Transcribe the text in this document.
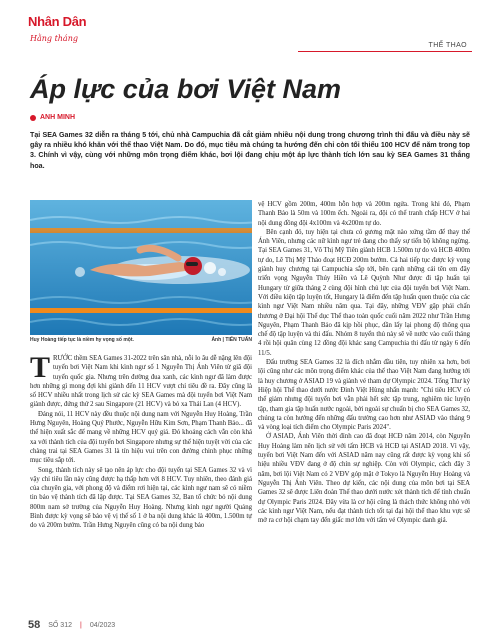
Nhân Dân
Hằng tháng
THỂ THAO
Áp lực của bơi Việt Nam
ANH MINH
Tại SEA Games 32 diễn ra tháng 5 tới, chủ nhà Campuchia đã cắt giảm nhiều nội dung trong chương trình thi đấu và điều này sẽ gây ra nhiều khó khăn với thể thao Việt Nam. Do đó, mục tiêu mà chúng ta hướng đến chỉ còn tối thiểu 100 HCV để năm trong top 3. Chính vì vậy, cùng với những môn trọng điểm khác, bơi lội đang chịu một áp lực thành tích lớn sau kỳ SEA Games 31 thắng hoa.
Huy Hoàng tiếp tục là niềm hy vọng số một.	Ảnh | TIẾN TUẤN

TRƯỚC thềm SEA Games 31-2022 trên sân nhà, nỗi lo âu dễ nặng lên đội tuyển bơi Việt Nam khi kình ngư số 1 Nguyễn Thị Ánh Viên từ giã đội tuyển quốc gia. Nhưng trên đường đua xanh, các kình ngư đã làm được hơn những gì mong đợi khi giành đến 11 HCV vượt chỉ tiêu đề ra. Đây cũng là số HCV nhiều nhất trong lịch sử các kỳ SEA Games mà đội tuyển bơi Việt Nam giành được, đứng thứ 2 sau Singapore (21 HCV) và bỏ xa Thái Lan (4 HCV).

Đáng nói, 11 HCV này đều thuộc nội dung nam với Nguyễn Huy Hoàng, Trần Hưng Nguyên, Hoàng Quý Phước, Nguyễn Hữu Kim Sơn, Phạm Thanh Bảo... đã thể hiện xuất sắc để mang về những HCV quý giá. Đó khoảng cách vẫn còn khá xa với thành tích của đội tuyển bơi Singapore nhưng sự thể hiện tuyệt vời của các chàng trai tại SEA Games 31 là tín hiệu vui trên con đường chinh phục những mục tiêu sắp tới.

Song, thành tích này sẽ tạo nên áp lực cho đội tuyển tại SEA Games 32 và vì vậy chỉ tiêu lần này cũng được hạ thấp hơn với 8 HCV. Tuy nhiên, theo đánh giá của chuyên gia, với phong độ và điểm rơi hiện tại, các kình ngư nam sẽ có niềm tin bảo vệ thành tích đã lập được. Tại SEA Games 32, Ban tổ chức bỏ nội dung 800m nam sở trường của Nguyễn Huy Hoàng. Nhưng kình ngư người Quảng Bình được kỳ vọng sẽ bảo vệ vị thế số 1 ở ba nội dung khác là 400m, 1.500m tự do và 200m bướm. Trần Hưng Nguyên cũng có ba nội dung bảo

vệ HCV gồm 200m, 400m hỗn hợp và 200m ngửa. Trong khi đó, Phạm Thanh Bảo là 50m và 100m ếch. Ngoài ra, đội có thể tranh chấp HCV ở hai nội dung đồng đội 4x100m và 4x200m tự do.

Bên cạnh đó, tuy hiện tại chưa có gương mặt nào xứng tầm để thay thế Ánh Viên, nhưng các nữ kình ngư trẻ đang cho thấy sự tiến bộ không ngừng. Tại SEA Games 31, Võ Thị Mỹ Tiên giành HCB 1.500m tự do và HCB 400m tự do, Lê Thị Mỹ Thảo đoạt HCĐ 200m bướm. Cả hai tiếp tục được kỳ vọng giành huy chương tại Campuchia sắp tới, bên cạnh những cái tên em đây triển vọng Nguyễn Thúy Hiền và Lê Quỳnh Như được đi tập huấn tại Hungary từ giữa tháng 2 cùng đội hình chủ lực của đội tuyển bơi Việt Nam. Với điều kiện tập luyện tốt, Hungary là điểm đến tập huấn quen thuộc của các kình ngư Việt Nam nhiều năm qua. Tại đây, những VĐV gặp phải chấn thương ở Đại hội Thể dục Thể thao toàn quốc cuối năm 2022 như Trần Hưng Nguyên, Phạm Thanh Bảo đã kịp hồi phục, dần lấy lại phong độ thông qua chế độ tập luyện và thi đấu. Nhóm 8 tuyển thủ này sẽ về nước vào cuối tháng 4 rồi hội quân cùng 12 đồng đội khác sang Campuchia thi đấu từ ngày 6 đến 11/5.

Đấu trường SEA Games 32 là đích nhắm đầu tiên, tuy nhiên xa hơn, bơi lội cũng như các môn trọng điểm khác của thể thao Việt Nam đang hướng tới là huy chương ở ASIAD 19 và giành vé tham dự Olympic 2024. Tổng Thư ký Hiệp hội Thể thao dưới nước Đinh Việt Hùng nhấn mạnh: "Chỉ tiêu HCV có thể giảm nhưng đội tuyển bơi vẫn phải hết sức tập trung, nghiêm túc luyện tập, tham gia tập huấn nước ngoài, bởi ngoài sự chuẩn bị cho SEA Games 32, chúng ta còn hướng đến những đấu trường cao hơn như ASIAD vào tháng 9 và vòng loại tích điểm cho Olympic Paris 2024".

Ở ASIAD, Ánh Viên thời đỉnh cao đã đoạt HCĐ năm 2014, còn Nguyễn Huy Hoàng làm nên lịch sử với tấm HCB và HCĐ tại ASIAD 2018. Vì vậy, tuyển bơi Việt Nam đến với ASIAD năm nay cũng rất được kỳ vọng khi số hiệu nhiều VĐV đang ở độ chín sự nghiệp. Còn với Olympic, cách đây 3 năm, bơi lội Việt Nam có 2 VĐV góp mặt ở Tokyo là Nguyễn Huy Hoàng và Nguyễn Thị Ánh Viên. Theo dự kiến, các nội dung của môn bơi tại SEA Games 32 sẽ được Liên đoàn Thể thao dưới nước xét thành tích để tính chuẩn dự Olympic Paris 2024. Đây vừa là cơ hội cũng là thách thức không nhỏ với các kình ngư Việt Nam, nếu đạt thành tích tốt tại đại hội thể thao khu vực sẽ mở ra cơ hội chạm tay đến giấc mơ lớn với tấm vé Olympic danh giá.

58 SỐ 312 | 04/2023
